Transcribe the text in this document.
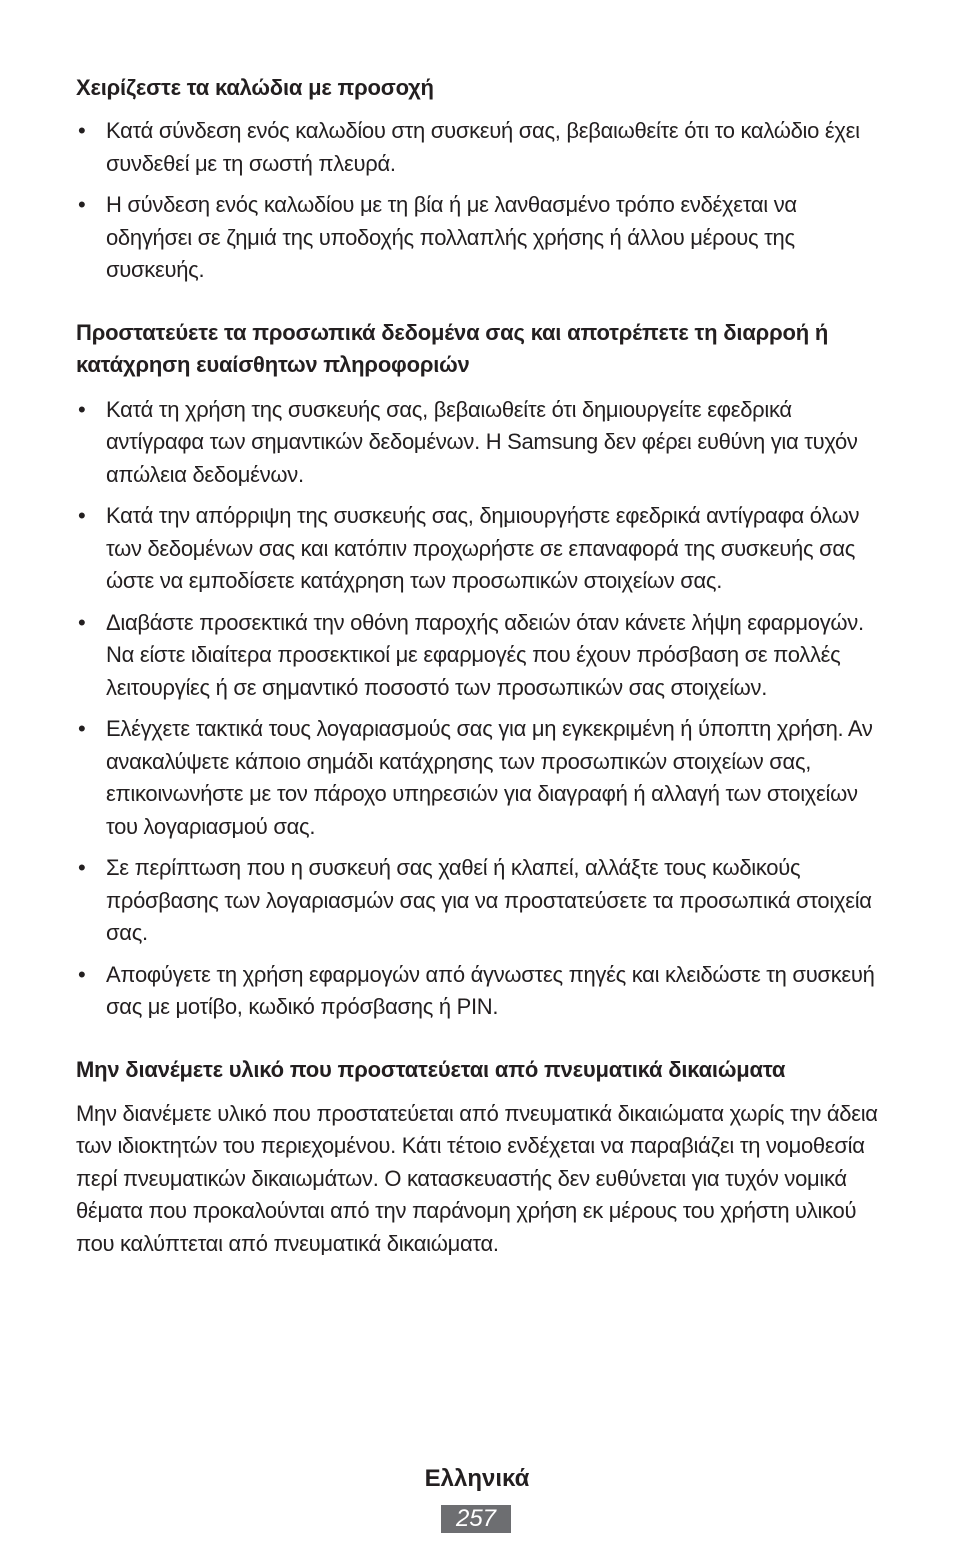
Χειρίζεστε τα καλώδια με προσοχή
• Κατά σύνδεση ενός καλωδίου στη συσκευή σας, βεβαιωθείτε ότι το καλώδιο έχει συνδεθεί με τη σωστή πλευρά.
• Η σύνδεση ενός καλωδίου με τη βία ή με λανθασμένο τρόπο ενδέχεται να οδηγήσει σε ζημιά της υποδοχής πολλαπλής χρήσης ή άλλου μέρους της συσκευής.
Προστατεύετε τα προσωπικά δεδομένα σας και αποτρέπετε τη διαρροή ή κατάχρηση ευαίσθητων πληροφοριών
• Κατά τη χρήση της συσκευής σας, βεβαιωθείτε ότι δημιουργείτε εφεδρικά αντίγραφα των σημαντικών δεδομένων. Η Samsung δεν φέρει ευθύνη για τυχόν απώλεια δεδομένων.
• Κατά την απόρριψη της συσκευής σας, δημιουργήστε εφεδρικά αντίγραφα όλων των δεδομένων σας και κατόπιν προχωρήστε σε επαναφορά της συσκευής σας ώστε να εμποδίσετε κατάχρηση των προσωπικών στοιχείων σας.
• Διαβάστε προσεκτικά την οθόνη παροχής αδειών όταν κάνετε λήψη εφαρμογών. Να είστε ιδιαίτερα προσεκτικοί με εφαρμογές που έχουν πρόσβαση σε πολλές λειτουργίες ή σε σημαντικό ποσοστό των προσωπικών σας στοιχείων.
• Ελέγχετε τακτικά τους λογαριασμούς σας για μη εγκεκριμένη ή ύποπτη χρήση. Αν ανακαλύψετε κάποιο σημάδι κατάχρησης των προσωπικών στοιχείων σας, επικοινωνήστε με τον πάροχο υπηρεσιών για διαγραφή ή αλλαγή των στοιχείων του λογαριασμού σας.
• Σε περίπτωση που η συσκευή σας χαθεί ή κλαπεί, αλλάξτε τους κωδικούς πρόσβασης των λογαριασμών σας για να προστατεύσετε τα προσωπικά στοιχεία σας.
• Αποφύγετε τη χρήση εφαρμογών από άγνωστες πηγές και κλειδώστε τη συσκευή σας με μοτίβο, κωδικό πρόσβασης ή PIN.
Μην διανέμετε υλικό που προστατεύεται από πνευματικά δικαιώματα

Μην διανέμετε υλικό που προστατεύεται από πνευματικά δικαιώματα χωρίς την άδεια των ιδιοκτητών του περιεχομένου. Κάτι τέτοιο ενδέχεται να παραβιάζει τη νομοθεσία περί πνευματικών δικαιωμάτων. Ο κατασκευαστής δεν ευθύνεται για τυχόν νομικά θέματα που προκαλούνται από την παράνομη χρήση εκ μέρους του χρήστη υλικού που καλύπτεται από πνευματικά δικαιώματα.

Ελληνικά
257
